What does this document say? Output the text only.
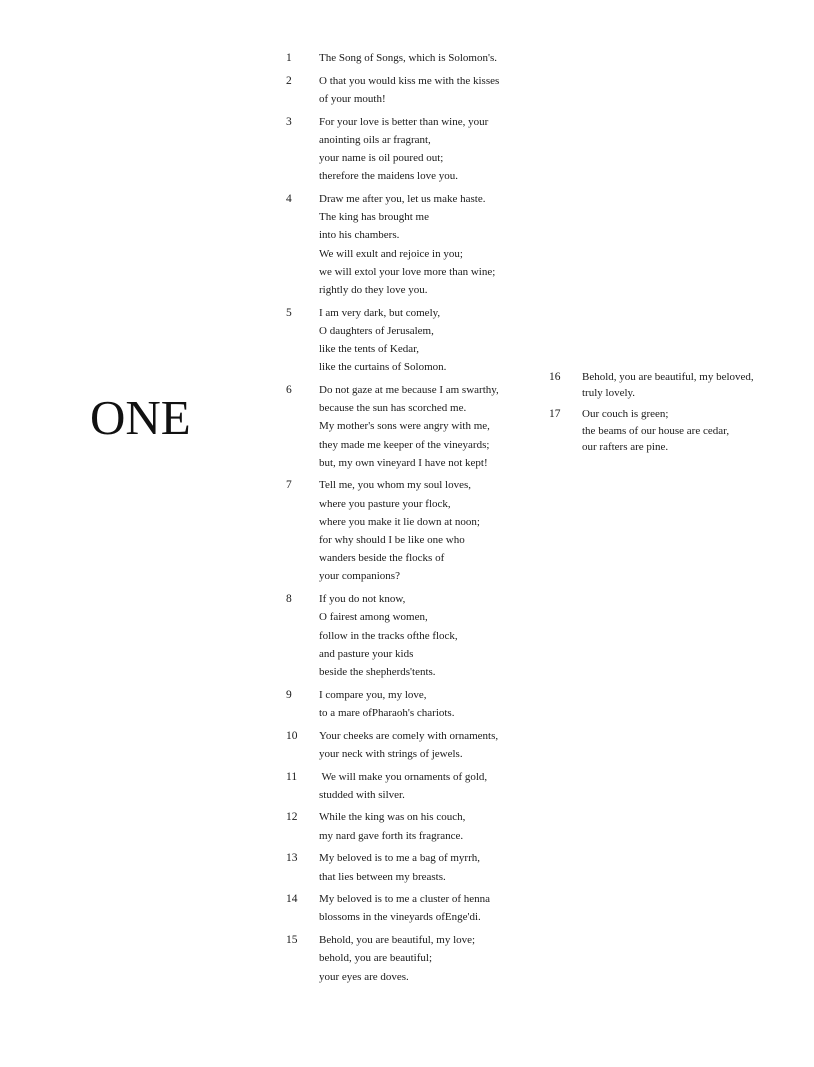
ONE
1	The Song of Songs, which is Solomon's.
2	O that you would kiss me with the kisses
of your mouth!
3	For your love is better than wine, your
anointing oils ar fragrant,
your name is oil poured out;
therefore the maidens love you.
4	Draw me after you, let us make haste.
The king has brought me
into his chambers.
We will exult and rejoice in you;
we will extol your love more than wine;
rightly do they love you.
5	I am very dark, but comely,
O daughters of Jerusalem,
like the tents of Kedar,
like the curtains of Solomon.
6	Do not gaze at me because I am swarthy,
because the sun has scorched me.
My mother's sons were angry with me,
they made me keeper of the vineyards;
but, my own vineyard I have not kept!
7	Tell me, you whom my soul loves,
where you pasture your flock,
where you make it lie down at noon;
for why should I be like one who
wanders beside the flocks of
your companions?
8	If you do not know,
O fairest among women,
follow in the tracks ofthe flock,
and pasture your kids
beside the shepherds'tents.
9	I compare you, my love,
to a mare ofPharaoh's chariots.
10	Your cheeks are comely with ornaments,
your neck with strings of jewels.
11	We will make you ornaments of gold,
studded with silver.
12	While the king was on his couch,
my nard gave forth its fragrance.
13	My beloved is to me a bag of myrrh,
that lies between my breasts.
14	My beloved is to me a cluster of henna
blossoms in the vineyards ofEnge'di.
15	Behold, you are beautiful, my love;
behold, you are beautiful;
your eyes are doves.
16	Behold, you are beautiful, my beloved,
truly lovely.
17	Our couch is green;
the beams of our house are cedar,
our rafters are pine.
